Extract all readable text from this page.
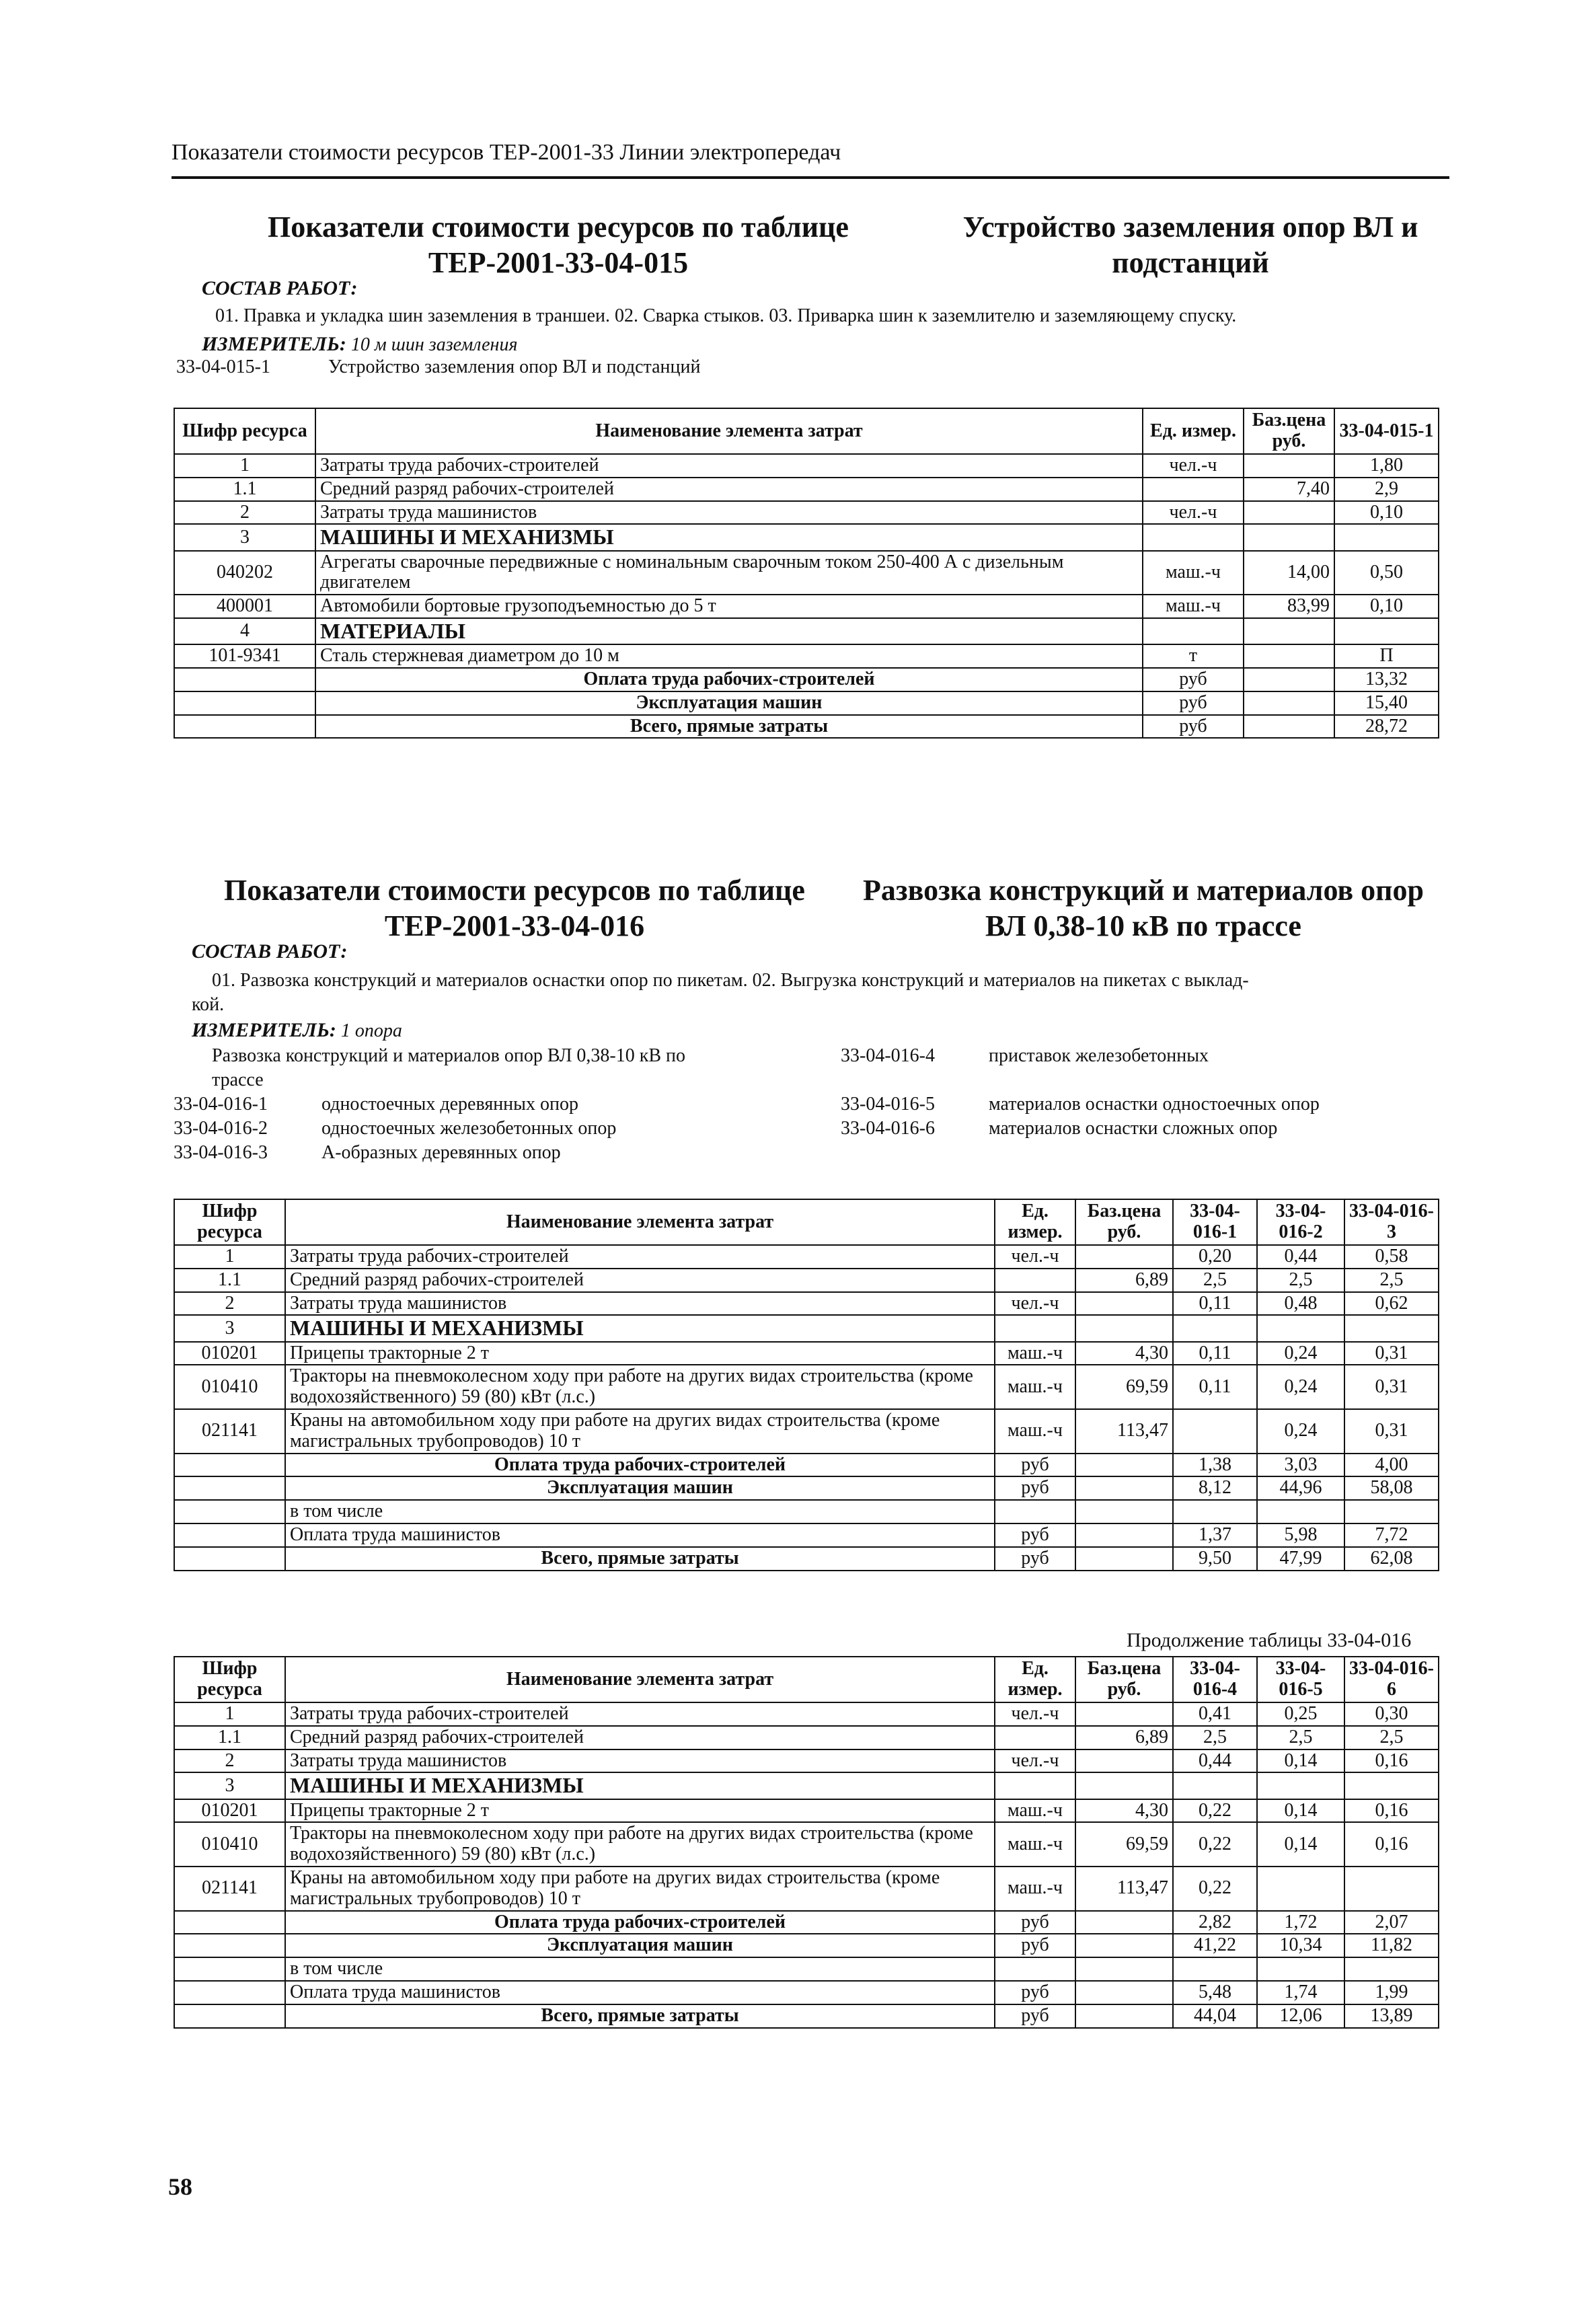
Показатели стоимости ресурсов ТЕР-2001-33 Линии электропередач
Показатели стоимости ресурсов по таблице
ТЕР-2001-33-04-015
Устройство заземления опор ВЛ и
подстанций
СОСТАВ РАБОТ:
01. Правка и укладка шин заземления в траншеи. 02. Сварка стыков. 03. Приварка шин к заземлителю и заземляющему спуску.
ИЗМЕРИТЕЛЬ: 10 м шин заземления
33-04-015-1	Устройство заземления опор ВЛ и подстанций
Шифр ресурса	Наименование элемента затрат	Ед. измер.	Баз.цена руб.	33-04-015-1
1	Затраты труда рабочих-строителей	чел.-ч		1,80
1.1	Средний разряд рабочих-строителей		7,40	2,9
2	Затраты труда машинистов	чел.-ч		0,10
3	МАШИНЫ И МЕХАНИЗМЫ			
040202	Агрегаты сварочные передвижные с номинальным сварочным током 250-400 А с дизельным двигателем	маш.-ч	14,00	0,50
400001	Автомобили бортовые грузоподъемностью до 5 т	маш.-ч	83,99	0,10
4	МАТЕРИАЛЫ			
101-9341	Сталь стержневая диаметром до 10 м	т		П
	Оплата труда рабочих-строителей	руб		13,32
	Эксплуатация машин	руб		15,40
	Всего, прямые затраты	руб		28,72
Показатели стоимости ресурсов по таблице
ТЕР-2001-33-04-016
Развозка конструкций и материалов опор
ВЛ 0,38-10 кВ по трассе
СОСТАВ РАБОТ:
01. Развозка конструкций и материалов оснастки опор по пикетам. 02. Выгрузка конструкций и материалов на пикетах с выклад-
кой.
ИЗМЕРИТЕЛЬ: 1 опора
Развозка конструкций и материалов опор ВЛ 0,38-10 кВ по
трассе
33-04-016-1	одностоечных деревянных опор
33-04-016-2	одностоечных железобетонных опор
33-04-016-3	А-образных деревянных опор
33-04-016-4	приставок железобетонных
33-04-016-5	материалов оснастки одностоечных опор
33-04-016-6	материалов оснастки сложных опор
Шифр ресурса	Наименование элемента затрат	Ед. измер.	Баз.цена руб.	33-04-016-1	33-04-016-2	33-04-016-3
1	Затраты труда рабочих-строителей	чел.-ч		0,20	0,44	0,58
1.1	Средний разряд рабочих-строителей		6,89	2,5	2,5	2,5
2	Затраты труда машинистов	чел.-ч		0,11	0,48	0,62
3	МАШИНЫ И МЕХАНИЗМЫ					
010201	Прицепы тракторные 2 т	маш.-ч	4,30	0,11	0,24	0,31
010410	Тракторы на пневмоколесном ходу при работе на других видах строительства (кроме водохозяйственного) 59 (80) кВт (л.с.)	маш.-ч	69,59	0,11	0,24	0,31
021141	Краны на автомобильном ходу при работе на других видах строительства (кроме магистральных трубопроводов) 10 т	маш.-ч	113,47		0,24	0,31
	Оплата труда рабочих-строителей	руб		1,38	3,03	4,00
	Эксплуатация машин	руб		8,12	44,96	58,08
	в том числе					
	Оплата труда машинистов	руб		1,37	5,98	7,72
	Всего, прямые затраты	руб		9,50	47,99	62,08
Продолжение таблицы 33-04-016
Шифр ресурса	Наименование элемента затрат	Ед. измер.	Баз.цена руб.	33-04-016-4	33-04-016-5	33-04-016-6
1	Затраты труда рабочих-строителей	чел.-ч		0,41	0,25	0,30
1.1	Средний разряд рабочих-строителей		6,89	2,5	2,5	2,5
2	Затраты труда машинистов	чел.-ч		0,44	0,14	0,16
3	МАШИНЫ И МЕХАНИЗМЫ					
010201	Прицепы тракторные 2 т	маш.-ч	4,30	0,22	0,14	0,16
010410	Тракторы на пневмоколесном ходу при работе на других видах строительства (кроме водохозяйственного) 59 (80) кВт (л.с.)	маш.-ч	69,59	0,22	0,14	0,16
021141	Краны на автомобильном ходу при работе на других видах строительства (кроме магистральных трубопроводов) 10 т	маш.-ч	113,47	0,22		
	Оплата труда рабочих-строителей	руб		2,82	1,72	2,07
	Эксплуатация машин	руб		41,22	10,34	11,82
	в том числе					
	Оплата труда машинистов	руб		5,48	1,74	1,99
	Всего, прямые затраты	руб		44,04	12,06	13,89
58
